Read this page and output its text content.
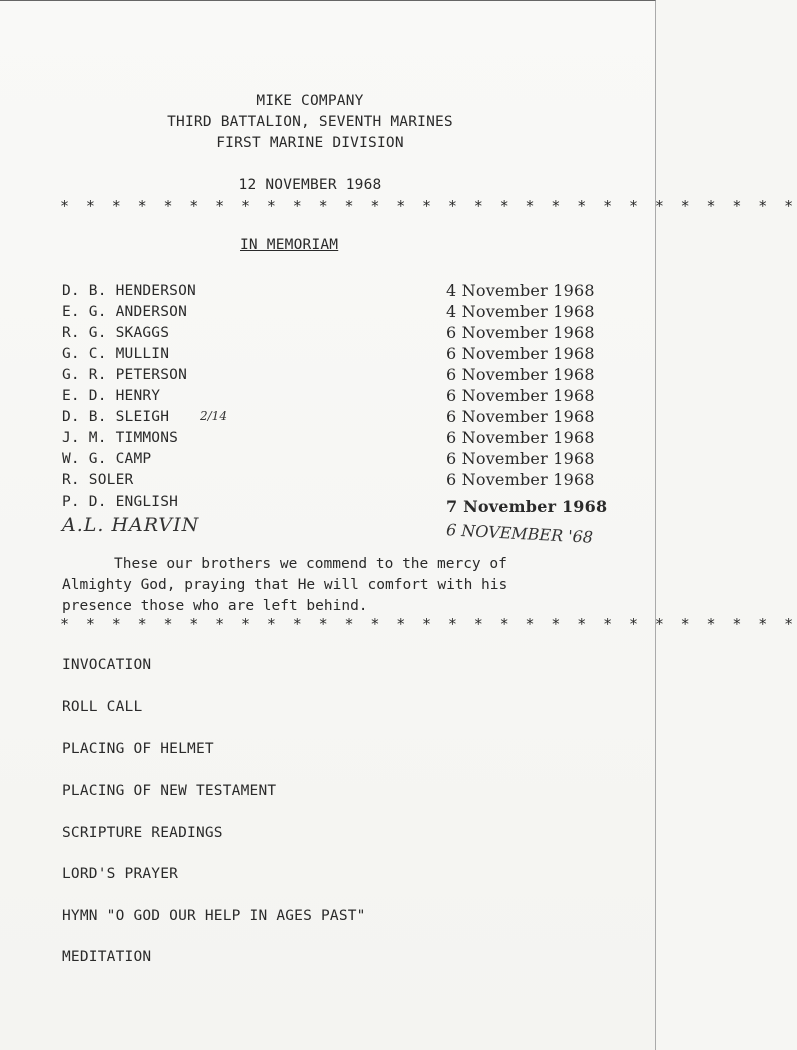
MIKE COMPANY
THIRD BATTALION, SEVENTH MARINES
FIRST MARINE DIVISION
12 NOVEMBER 1968
* * * * * * * * * * * * * * * * * * * * * * * * * * * * *
IN MEMORIAM
D. B. HENDERSON	4 November 1968
E. G. ANDERSON	4 November 1968
R. G. SKAGGS	6 November 1968
G. C. MULLIN	6 November 1968
G. R. PETERSON	6 November 1968
E. D. HENRY	6 November 1968
D. B. SLEIGH	2/14	6 November 1968
J. M. TIMMONS	6 November 1968
W. G. CAMP	6 November 1968
R. SOLER	6 November 1968
P. D. ENGLISH	7 November 1968
A.L. HARVIN	6 NOVEMBER '68
These our brothers we commend to the mercy of
Almighty God, praying that He will comfort with his
presence those who are left behind.
* * * * * * * * * * * * * * * * * * * * * * * * * * * * *
INVOCATION
ROLL CALL
PLACING OF HELMET
PLACING OF NEW TESTAMENT
SCRIPTURE READINGS
LORD'S PRAYER
HYMN "O GOD OUR HELP IN AGES PAST"
MEDITATION
